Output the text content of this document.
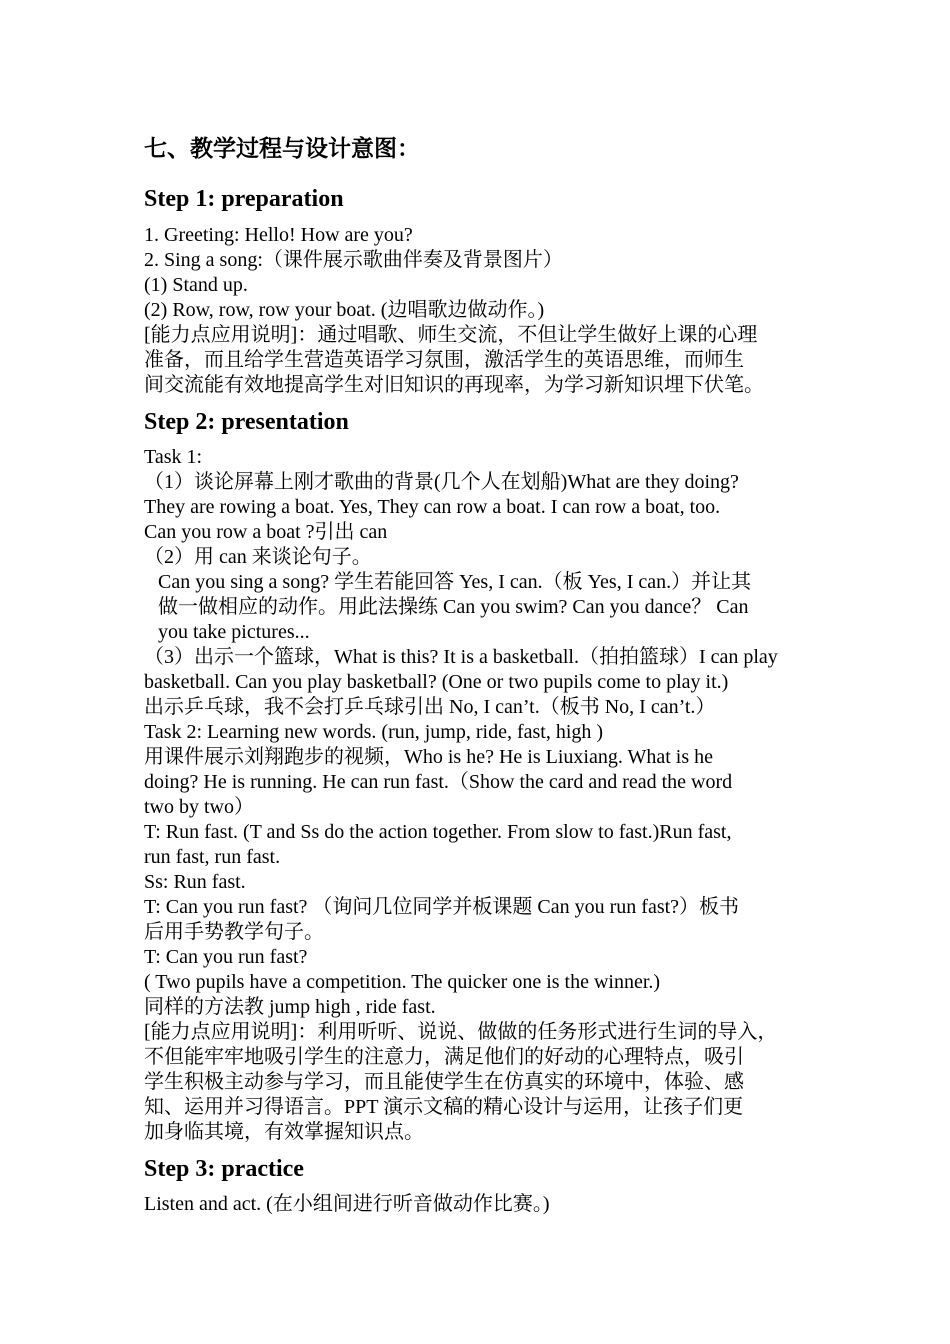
七、教学过程与设计意图：
Step 1: preparation

1. Greeting: Hello! How are you?

2. Sing a song:（课件展示歌曲伴奏及背景图片）

(1) Stand up.

(2) Row, row, row your boat. (边唱歌边做动作。)

[能力点应用说明]：通过唱歌、师生交流，不但让学生做好上课的心理

准备，而且给学生营造英语学习氛围，激活学生的英语思维，而师生

间交流能有效地提高学生对旧知识的再现率，为学习新知识埋下伏笔。

Step 2: presentation

Task 1:

（1）谈论屏幕上刚才歌曲的背景(几个人在划船)What are they doing?

They are rowing a boat. Yes, They can row a boat. I can row a boat, too.

Can you row a boat ?引出 can

（2）用 can 来谈论句子。

Can you sing a song? 学生若能回答 Yes, I can.（板 Yes, I can.）并让其

做一做相应的动作。用此法操练 Can you swim? Can you dance？ Can

you take pictures...

（3）出示一个篮球，What is this? It is a basketball.（拍拍篮球）I can play

basketball. Can you play basketball? (One or two pupils come to play it.)

出示乒乓球，我不会打乒乓球引出 No, I can’t.（板书 No, I can’t.）

Task 2: Learning new words. (run, jump, ride, fast, high )

用课件展示刘翔跑步的视频，Who is he? He is Liuxiang. What is he

doing? He is running. He can run fast.（Show the card and read the word

two by two）

T: Run fast. (T and Ss do the action together. From slow to fast.)Run fast,

run fast, run fast.

Ss: Run fast.

T: Can you run fast? （询问几位同学并板课题 Can you run fast?）板书

后用手势教学句子。

T: Can you run fast?

( Two pupils have a competition. The quicker one is the winner.)

同样的方法教 jump high , ride fast.

[能力点应用说明]：利用听听、说说、做做的任务形式进行生词的导入，

不但能牢牢地吸引学生的注意力，满足他们的好动的心理特点，吸引

学生积极主动参与学习，而且能使学生在仿真实的环境中，体验、感

知、运用并习得语言。PPT 演示文稿的精心设计与运用，让孩子们更

加身临其境，有效掌握知识点。

Step 3: practice

Listen and act. (在小组间进行听音做动作比赛。)
